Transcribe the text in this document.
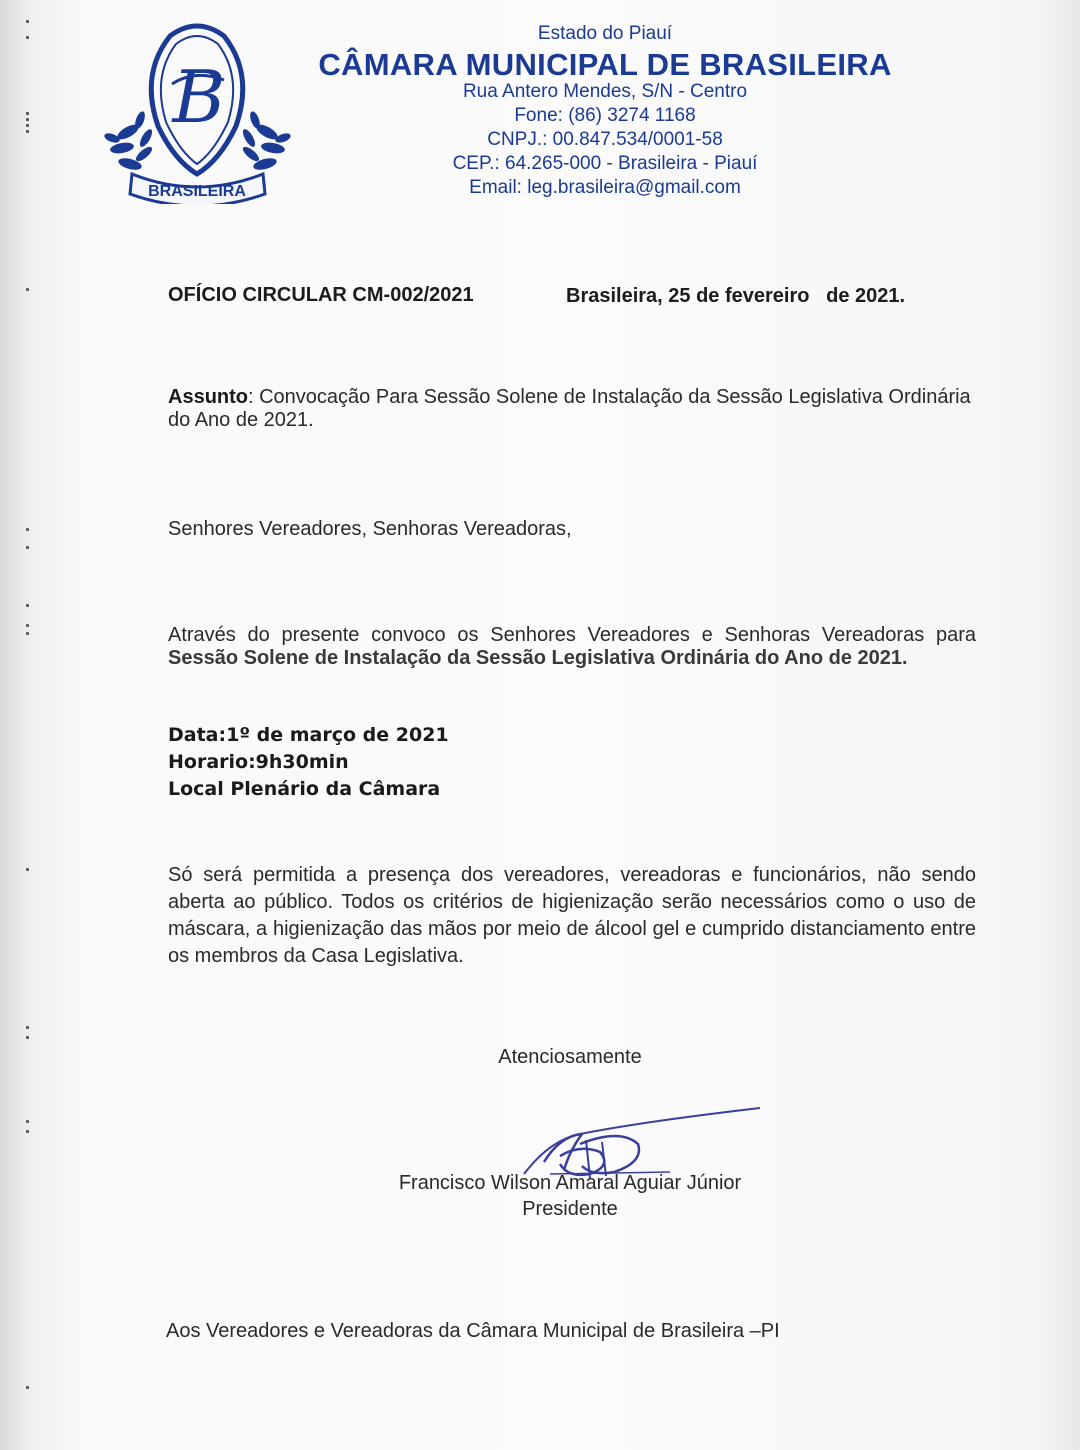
B
BRASILEIRA
Estado do Piauí
CÂMARA MUNICIPAL DE BRASILEIRA
Rua Antero Mendes, S/N - Centro
Fone: (86) 3274 1168
CNPJ.: 00.847.534/0001-58
CEP.: 64.265-000 - Brasileira - Piauí
Email: leg.brasileira@gmail.com
OFÍCIO CIRCULAR CM-002/2021	Brasileira, 25 de fevereiro   de 2021.
Assunto: Convocação Para Sessão Solene de Instalação da Sessão Legislativa Ordinária do Ano de 2021.
Senhores Vereadores, Senhoras Vereadoras,
Através do presente convoco os Senhores Vereadores e Senhoras Vereadoras para Sessão Solene de Instalação da Sessão Legislativa Ordinária do Ano de 2021.
Data:1º de março de 2021
Horario:9h30min
Local Plenário da Câmara
Só será permitida a presença dos vereadores, vereadoras e funcionários, não sendo aberta ao público. Todos os critérios de higienização serão necessários como o uso de máscara, a higienização das mãos por meio de álcool gel e cumprido distanciamento entre os membros da Casa Legislativa.
Atenciosamente
Francisco Wilson Amaral Aguiar Júnior
Presidente
Aos Vereadores e Vereadoras da Câmara Municipal de Brasileira –PI
